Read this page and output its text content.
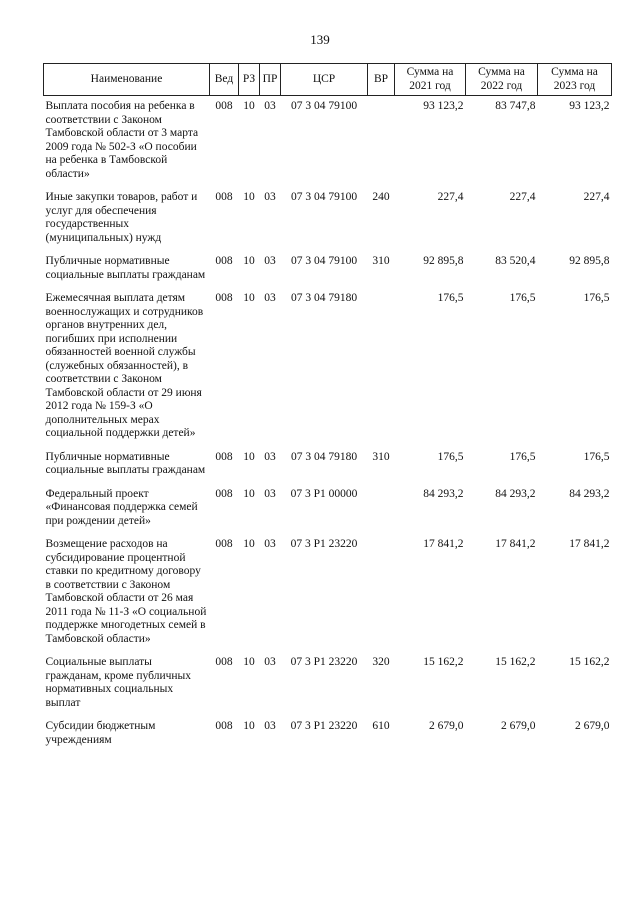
139
Наименование	Вед	РЗ	ПР	ЦСР	ВР	Сумма на 2021 год	Сумма на 2022 год	Сумма на 2023 год
Выплата пособия на ребенка в соответствии с Законом Тамбовской области от 3 марта 2009 года № 502-З «О пособии на ребенка в Тамбовской области»	008	10	03	07 3 04 79100		93 123,2	83 747,8	93 123,2
Иные закупки товаров, работ и услуг для обеспечения государственных (муниципальных) нужд	008	10	03	07 3 04 79100	240	227,4	227,4	227,4
Публичные нормативные социальные выплаты гражданам	008	10	03	07 3 04 79100	310	92 895,8	83 520,4	92 895,8
Ежемесячная выплата детям военнослужащих и сотрудников органов внутренних дел, погибших при исполнении обязанностей военной службы (служебных обязанностей), в соответствии с Законом Тамбовской области от 29 июня 2012 года № 159-З «О дополнительных мерах социальной поддержки детей»	008	10	03	07 3 04 79180		176,5	176,5	176,5
Публичные нормативные социальные выплаты гражданам	008	10	03	07 3 04 79180	310	176,5	176,5	176,5
Федеральный проект «Финансовая поддержка семей при рождении детей»	008	10	03	07 3 P1 00000		84 293,2	84 293,2	84 293,2
Возмещение расходов на субсидирование процентной ставки по кредитному договору в соответствии с Законом Тамбовской области от 26 мая 2011 года № 11-З «О социальной поддержке многодетных семей в Тамбовской области»	008	10	03	07 3 P1 23220		17 841,2	17 841,2	17 841,2
Социальные выплаты гражданам, кроме публичных нормативных социальных выплат	008	10	03	07 3 P1 23220	320	15 162,2	15 162,2	15 162,2
Субсидии бюджетным учреждениям	008	10	03	07 3 P1 23220	610	2 679,0	2 679,0	2 679,0
